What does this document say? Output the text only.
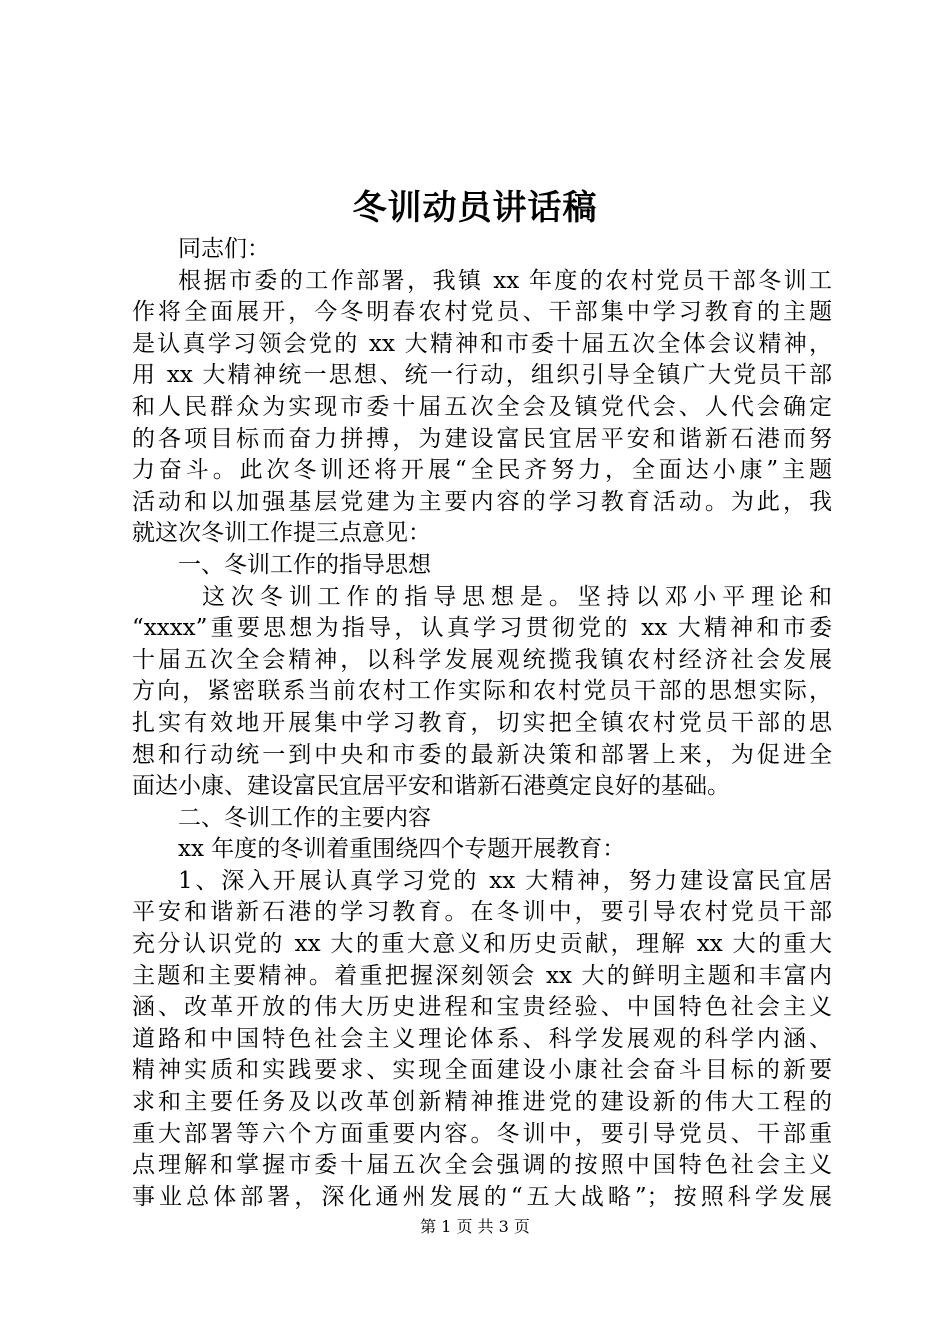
冬训动员讲话稿
同志们：
根据市委的工作部署，我镇 xx 年度的农村党员干部冬训工
作将全面展开，今冬明春农村党员、干部集中学习教育的主题
是认真学习领会党的 xx 大精神和市委十届五次全体会议精神，
用 xx 大精神统一思想、统一行动，组织引导全镇广大党员干部
和人民群众为实现市委十届五次全会及镇党代会、人代会确定
的各项目标而奋力拼搏，为建设富民宜居平安和谐新石港而努
力奋斗。此次冬训还将开展“全民齐努力，全面达小康”主题
活动和以加强基层党建为主要内容的学习教育活动。为此，我
就这次冬训工作提三点意见：
一、冬训工作的指导思想
这次冬训工作的指导思想是。坚持以邓小平理论和
“xxxx”重要思想为指导，认真学习贯彻党的 xx 大精神和市委
十届五次全会精神，以科学发展观统揽我镇农村经济社会发展
方向，紧密联系当前农村工作实际和农村党员干部的思想实际，
扎实有效地开展集中学习教育，切实把全镇农村党员干部的思
想和行动统一到中央和市委的最新决策和部署上来，为促进全
面达小康、建设富民宜居平安和谐新石港奠定良好的基础。
二、冬训工作的主要内容
xx 年度的冬训着重围绕四个专题开展教育：
1、深入开展认真学习党的 xx 大精神，努力建设富民宜居
平安和谐新石港的学习教育。在冬训中，要引导农村党员干部
充分认识党的 xx 大的重大意义和历史贡献，理解 xx 大的重大
主题和主要精神。着重把握深刻领会 xx 大的鲜明主题和丰富内
涵、改革开放的伟大历史进程和宝贵经验、中国特色社会主义
道路和中国特色社会主义理论体系、科学发展观的科学内涵、
精神实质和实践要求、实现全面建设小康社会奋斗目标的新要
求和主要任务及以改革创新精神推进党的建设新的伟大工程的
重大部署等六个方面重要内容。冬训中，要引导党员、干部重
点理解和掌握市委十届五次全会强调的按照中国特色社会主义
事业总体部署，深化通州发展的“五大战略”；按照科学发展
第 1 页 共 3 页
